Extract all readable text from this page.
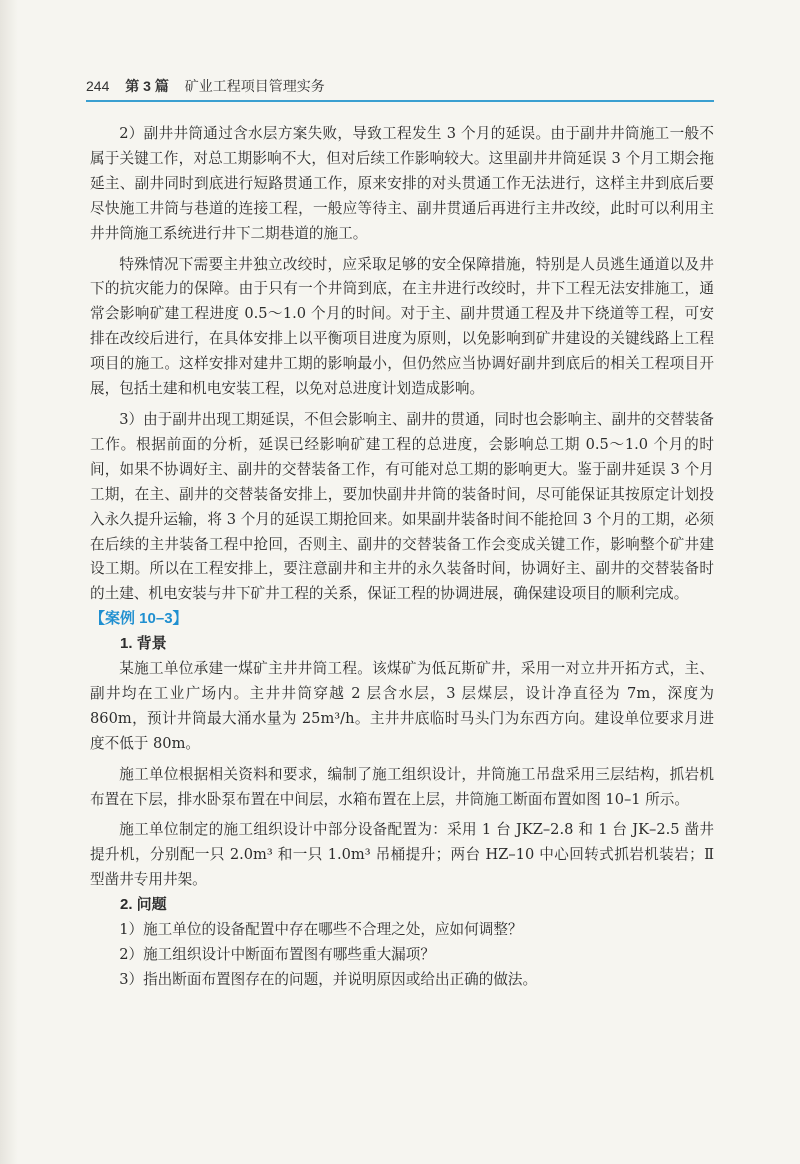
244 第 3 篇 矿业工程项目管理实务

2）副井井筒通过含水层方案失败，导致工程发生 3 个月的延误。由于副井井筒施工一般不属于关键工作，对总工期影响不大，但对后续工作影响较大。这里副井井筒延误 3 个月工期会拖延主、副井同时到底进行短路贯通工作，原来安排的对头贯通工作无法进行，这样主井到底后要尽快施工井筒与巷道的连接工程，一般应等待主、副井贯通后再进行主井改绞，此时可以利用主井井筒施工系统进行井下二期巷道的施工。

特殊情况下需要主井独立改绞时，应采取足够的安全保障措施，特别是人员逃生通道以及井下的抗灾能力的保障。由于只有一个井筒到底，在主井进行改绞时，井下工程无法安排施工，通常会影响矿建工程进度 0.5～1.0 个月的时间。对于主、副井贯通工程及井下绕道等工程，可安排在改绞后进行，在具体安排上以平衡项目进度为原则，以免影响到矿井建设的关键线路上工程项目的施工。这样安排对建井工期的影响最小，但仍然应当协调好副井到底后的相关工程项目开展，包括土建和机电安装工程，以免对总进度计划造成影响。

3）由于副井出现工期延误，不但会影响主、副井的贯通，同时也会影响主、副井的交替装备工作。根据前面的分析，延误已经影响矿建工程的总进度，会影响总工期 0.5～1.0 个月的时间，如果不协调好主、副井的交替装备工作，有可能对总工期的影响更大。鉴于副井延误 3 个月工期，在主、副井的交替装备安排上，要加快副井井筒的装备时间，尽可能保证其按原定计划投入永久提升运输，将 3 个月的延误工期抢回来。如果副井装备时间不能抢回 3 个月的工期，必须在后续的主井装备工程中抢回，否则主、副井的交替装备工作会变成关键工作，影响整个矿井建设工期。所以在工程安排上，要注意副井和主井的永久装备时间，协调好主、副井的交替装备时的土建、机电安装与井下矿井工程的关系，保证工程的协调进展，确保建设项目的顺利完成。

【案例 10–3】
1. 背景

某施工单位承建一煤矿主井井筒工程。该煤矿为低瓦斯矿井，采用一对立井开拓方式，主、副井均在工业广场内。主井井筒穿越 2 层含水层，3 层煤层，设计净直径为 7m，深度为 860m，预计井筒最大涌水量为 25m³/h。主井井底临时马头门为东西方向。建设单位要求月进度不低于 80m。

施工单位根据相关资料和要求，编制了施工组织设计，井筒施工吊盘采用三层结构，抓岩机布置在下层，排水卧泵布置在中间层，水箱布置在上层，井筒施工断面布置如图 10–1 所示。

施工单位制定的施工组织设计中部分设备配置为：采用 1 台 JKZ–2.8 和 1 台 JK–2.5 凿井提升机，分别配一只 2.0m³ 和一只 1.0m³ 吊桶提升；两台 HZ–10 中心回转式抓岩机装岩；Ⅱ型凿井专用井架。

2. 问题

1）施工单位的设备配置中存在哪些不合理之处，应如何调整？

2）施工组织设计中断面布置图有哪些重大漏项？

3）指出断面布置图存在的问题，并说明原因或给出正确的做法。
